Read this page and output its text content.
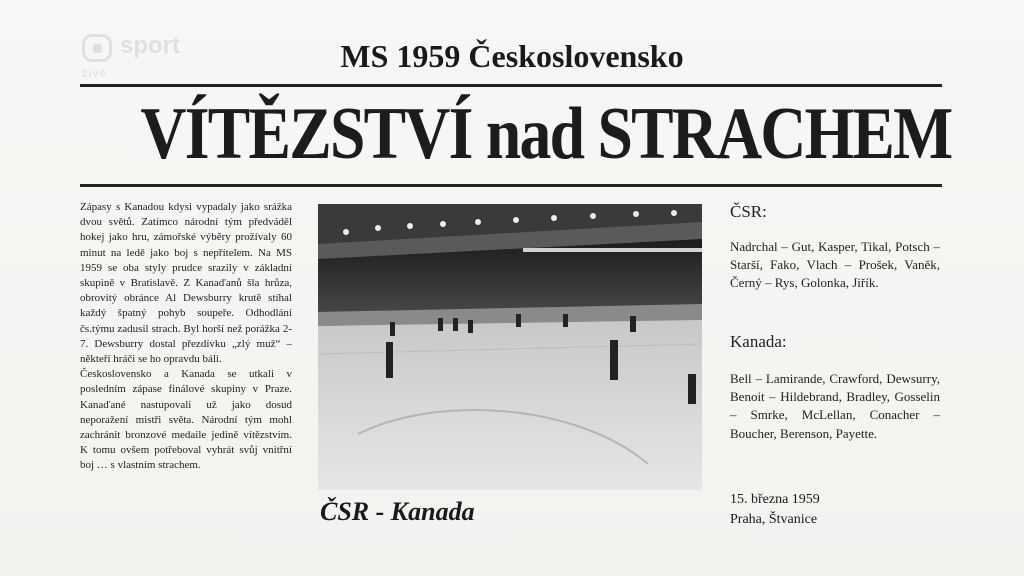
sport
živě	MS 1959 Československo
VÍTĚZSTVÍ nad STRACHEM

Zápasy s Kanadou kdysi vypadaly jako srážka dvou světů. Zatímco národní tým předváděl hokej jako hru, zámořské výběry prožívaly 60 minut na ledě jako boj s nepřítelem. Na MS 1959 se oba styly prudce srazily v základní skupině v Bratislavě. Z Kanaďanů šla hrůza, obrovitý obránce Al Dewsburry krutě stíhal každý špatný pohyb soupeře. Odhodlání čs.týmu zadusil strach. Byl horší než porážka 2-7. Dewsburry dostal přezdívku „zlý muž“ – někteří hráči se ho opravdu báli.

Československo a Kanada se utkali v posledním zápase finálové skupiny v Praze. Kanaďané nastupovali už jako dosud neporažení mistři světa. Národní tým mohl zachránit bronzové medaile jedině vítězstvím. K tomu ovšem potřeboval vyhrát svůj vnitřní boj … s vlastním strachem.

ČSR - Kanada
ČSR:
Nadrchal – Gut, Kasper, Tikal, Potsch – Starší, Fako, Vlach – Prošek, Vaněk, Černý – Rys, Golonka, Jiřík.
Kanada:
Bell – Lamirande, Crawford, Dewsurry, Benoit – Hildebrand, Bradley, Gosselin – Smrke, McLellan, Conacher – Boucher, Berenson, Payette.
15. března 1959
Praha, Štvanice
